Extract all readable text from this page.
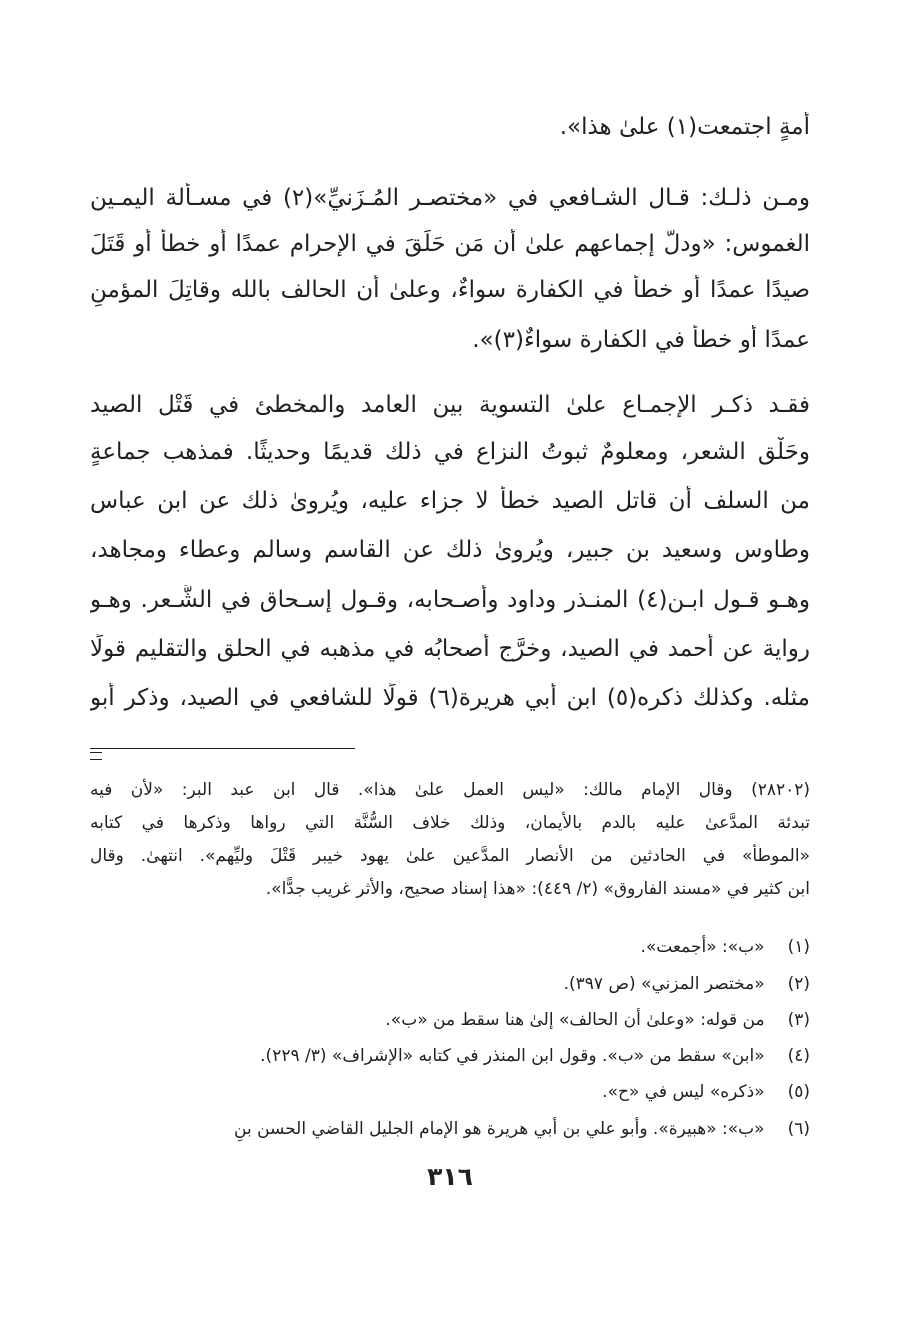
أُمةٍ اجتمعت(١) علىٰ هذا».
ومـن ذلـك: قـال الشـافعي في «مختصـر المُـزَنيِّ»(٢) في مسـألة اليمـين
الغموس: «ودلَّ إجماعهم علىٰ أن مَن حَلَقَ في الإحرام عمدًا أو خطأً أو قَتَلَ
صيدًا عمدًا أو خطأً في الكفارة سواءٌ، وعلىٰ أن الحالف بالله وقاتِلَ المؤمنِ
عمدًا أو خطأً في الكفارة سواءٌ(٣)».
فقـد ذكـر الإجمـاع علىٰ التسوية بين العامد والمخطئ في قَتْل الصيد
وحَلْق الشعر، ومعلومٌ ثبوتُ النزاع في ذلك قديمًا وحديثًا. فمذهب جماعةٍ
من السلف أن قاتل الصيد خطأً لا جزاء عليه، ويُروىٰ ذلك عن ابن عباس
وطاوس وسعيد بن جبير، ويُروىٰ ذلك عن القاسم وسالم وعطاء ومجاهد،
وهـو قـول ابـن(٤) المنـذر وداود وأصـحابه، وقـول إسـحاق في الشَّـعر. وهـو
رواية عن أحمد في الصيد، وخرَّج أصحابُه في مذهبه في الحلق والتقليم قولًا
مثله. وكذلك ذكره(٥) ابن أبي هريرة(٦) قولًا للشافعي في الصيد، وذكر أبو
(٢٨٢٠٢) وقال الإمام مالك: «ليس العمل علىٰ هذا». قال ابن عبد البر: «لأن فيه
تبدئة المدَّعىٰ عليه بالدم بالأيمان، وذلك خلاف السُّنَّة التي رواها وذكرها في كتابه
«الموطأ» في الحادثين من الأنصار المدَّعين علىٰ يهود خيبر قَتْلَ وليِّهم». انتهىٰ. وقال
ابن كثير في «مسند الفاروق» (٢/ ٤٤٩): «هذا إسناد صحيح، والأثر غريب جدًّا».
(١) «ب»: «أجمعت».
(٢) «مختصر المزني» (ص ٣٩٧).
(٣) من قوله: «وعلىٰ أن الحالف» إلىٰ هنا سقط من «ب».
(٤) «ابن» سقط من «ب». وقول ابن المنذر في كتابه «الإشراف» (٣/ ٢٢٩).
(٥) «ذكره» ليس في «ح».
(٦) «ب»: «هبيرة». وأبو علي بن أبي هريرة هو الإمام الجليل القاضي الحسن بنِ
٣١٦
